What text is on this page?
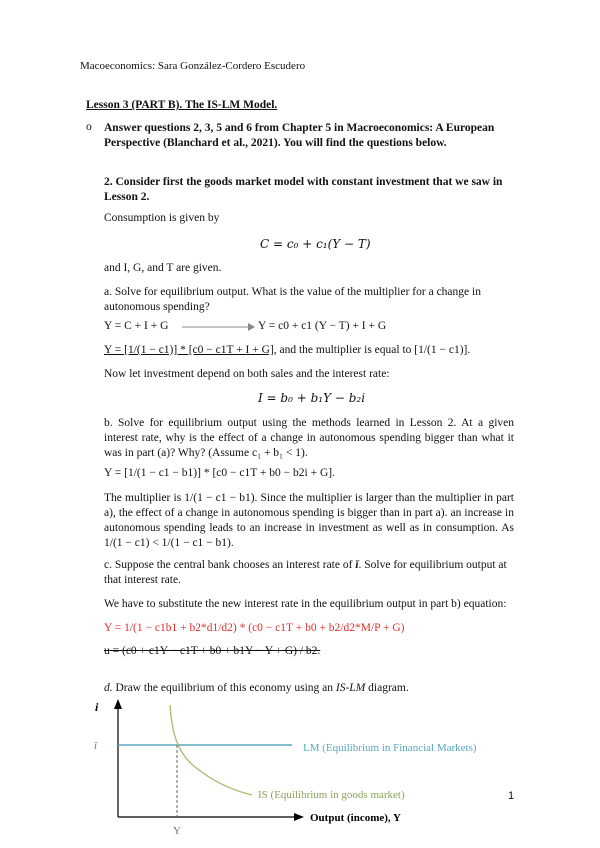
Macoeconomics: Sara González-Cordero Escudero
Lesson 3 (PART B). The IS-LM Model.
o Answer questions 2, 3, 5 and 6 from Chapter 5 in Macroeconomics: A European Perspective (Blanchard et al., 2021). You will find the questions below.
2. Consider first the goods market model with constant investment that we saw in Lesson 2.
Consumption is given by
C = c₀ + c₁(Y − T)
and I, G, and T are given.
a. Solve for equilibrium output. What is the value of the multiplier for a change in autonomous spending?
Y = C + I + G	Y = c0 + c1 (Y − T) + I + G
Y = [1/(1 − c1)] * [c0 − c1T + I + G], and the multiplier is equal to [1/(1 − c1)].
Now let investment depend on both sales and the interest rate:
I = b₀ + b₁Y − b₂i
b. Solve for equilibrium output using the methods learned in Lesson 2. At a given interest rate, why is the effect of a change in autonomous spending bigger than what it was in part (a)? Why? (Assume c₁ + b₁ < 1).
Y = [1/(1 − c1 − b1)] * [c0 − c1T + b0 − b2i + G].
The multiplier is 1/(1 − c1 − b1). Since the multiplier is larger than the multiplier in part a), the effect of a change in autonomous spending is bigger than in part a). an increase in autonomous spending leads to an increase in investment as well as in consumption. As 1/(1 − c1) < 1/(1 − c1 − b1).
c. Suppose the central bank chooses an interest rate of ī. Solve for equilibrium output at that interest rate.
We have to substitute the new interest rate in the equilibrium output in part b) equation:
Y = 1/(1 − c1b1 + b2*d1/d2) * (c0 − c1T + b0 + b2/d2*M/P + G)
u = (c0 + c1Y − c1T + b0 + b1Y − Y + G) / b2.
d. Draw the equilibrium of this economy using an IS-LM diagram.
i
ī	LM (Equilibrium in Financial Markets)
IS (Equilibrium in goods market)
Output (income), Y
Y
1
